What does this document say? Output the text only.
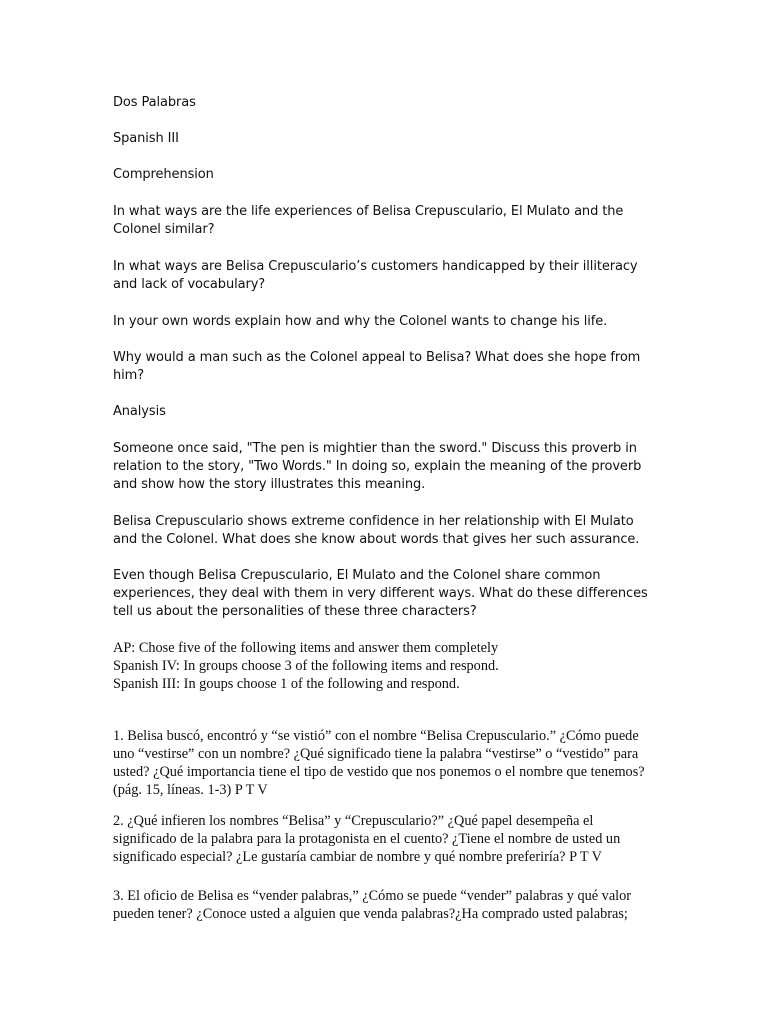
Dos Palabras

Spanish III

Comprehension

In what ways are the life experiences of Belisa Crepusculario, El Mulato and the
Colonel similar?

In what ways are Belisa Crepusculario’s customers handicapped by their illiteracy
and lack of vocabulary?

In your own words explain how and why the Colonel wants to change his life.

Why would a man such as the Colonel appeal to Belisa? What does she hope from
him?

Analysis

Someone once said, "The pen is mightier than the sword." Discuss this proverb in
relation to the story, "Two Words." In doing so, explain the meaning of the proverb
and show how the story illustrates this meaning.

Belisa Crepusculario shows extreme confidence in her relationship with El Mulato
and the Colonel. What does she know about words that gives her such assurance.

Even though Belisa Crepusculario, El Mulato and the Colonel share common
experiences, they deal with them in very different ways. What do these differences
tell us about the personalities of these three characters?

AP: Chose five of the following items and answer them completely
Spanish IV: In groups choose 3 of the following items and respond.
Spanish III: In goups choose 1 of the following and respond.

1. Belisa buscó, encontró y “se vistió” con el nombre “Belisa Crepusculario.” ¿Cómo puede
uno “vestirse” con un nombre? ¿Qué significado tiene la palabra “vestirse” o “vestido” para
usted? ¿Qué importancia tiene el tipo de vestido que nos ponemos o el nombre que tenemos?
(pág. 15, líneas. 1-3) P T V

2. ¿Qué infieren los nombres “Belisa” y “Crepusculario?” ¿Qué papel desempeña el
significado de la palabra para la protagonista en el cuento? ¿Tiene el nombre de usted un
significado especial? ¿Le gustaría cambiar de nombre y qué nombre preferiría? P T V

3. El oficio de Belisa es “vender palabras,” ¿Cómo se puede “vender” palabras y qué valor
pueden tener? ¿Conoce usted a alguien que venda palabras?¿Ha comprado usted palabras;
